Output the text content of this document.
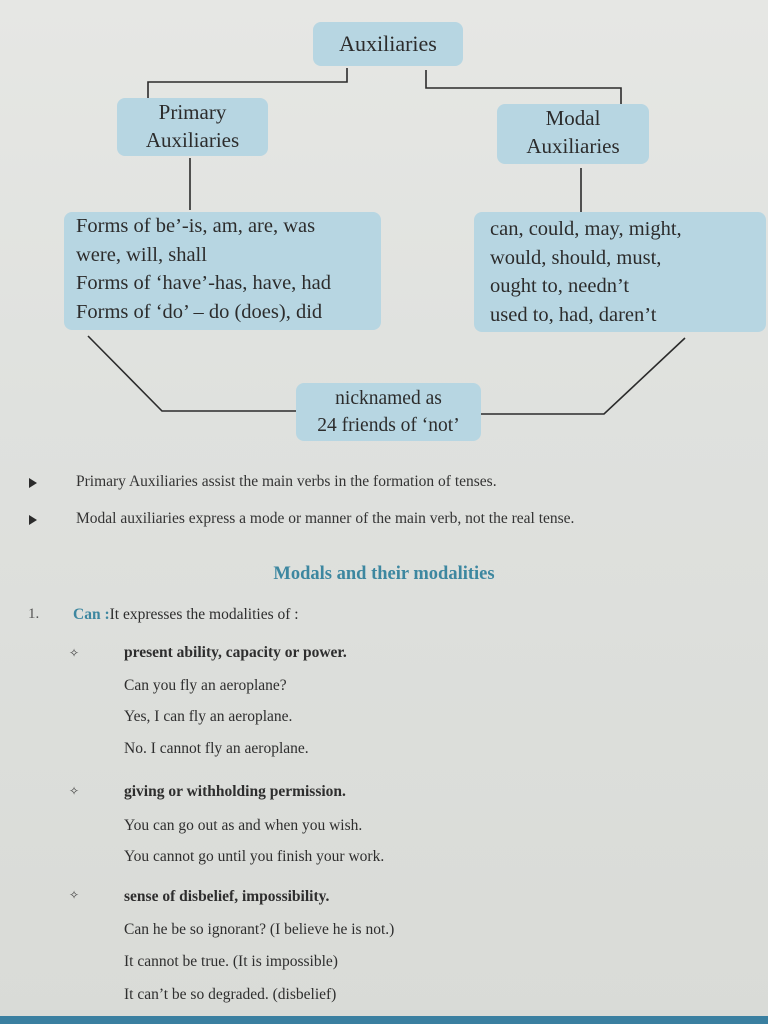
Auxiliaries
Primary
Auxiliaries
Modal
Auxiliaries
Forms of be’-is, am, are, was
were, will, shall
Forms of ‘have’-has, have, had
Forms of ‘do’ – do (does), did
can, could, may, might,
would, should, must,
ought to, needn’t
used to, had, daren’t
nicknamed as
24 friends of ‘not’
Primary Auxiliaries assist the main verbs in the formation of tenses.
Modal auxiliaries express a mode or manner of the main verb, not the real tense.
Modals and their modalities
1. Can :It expresses the modalities of :
✧	present ability, capacity or power.
Can you fly an aeroplane?
Yes, I can fly an aeroplane.
No. I cannot fly an aeroplane.
✧	giving or withholding permission.
You can go out as and when you wish.
You cannot go until you finish your work.
✧	sense of disbelief, impossibility.
Can he be so ignorant? (I believe he is not.)
It cannot be true. (It is impossible)
It can’t be so degraded. (disbelief)
